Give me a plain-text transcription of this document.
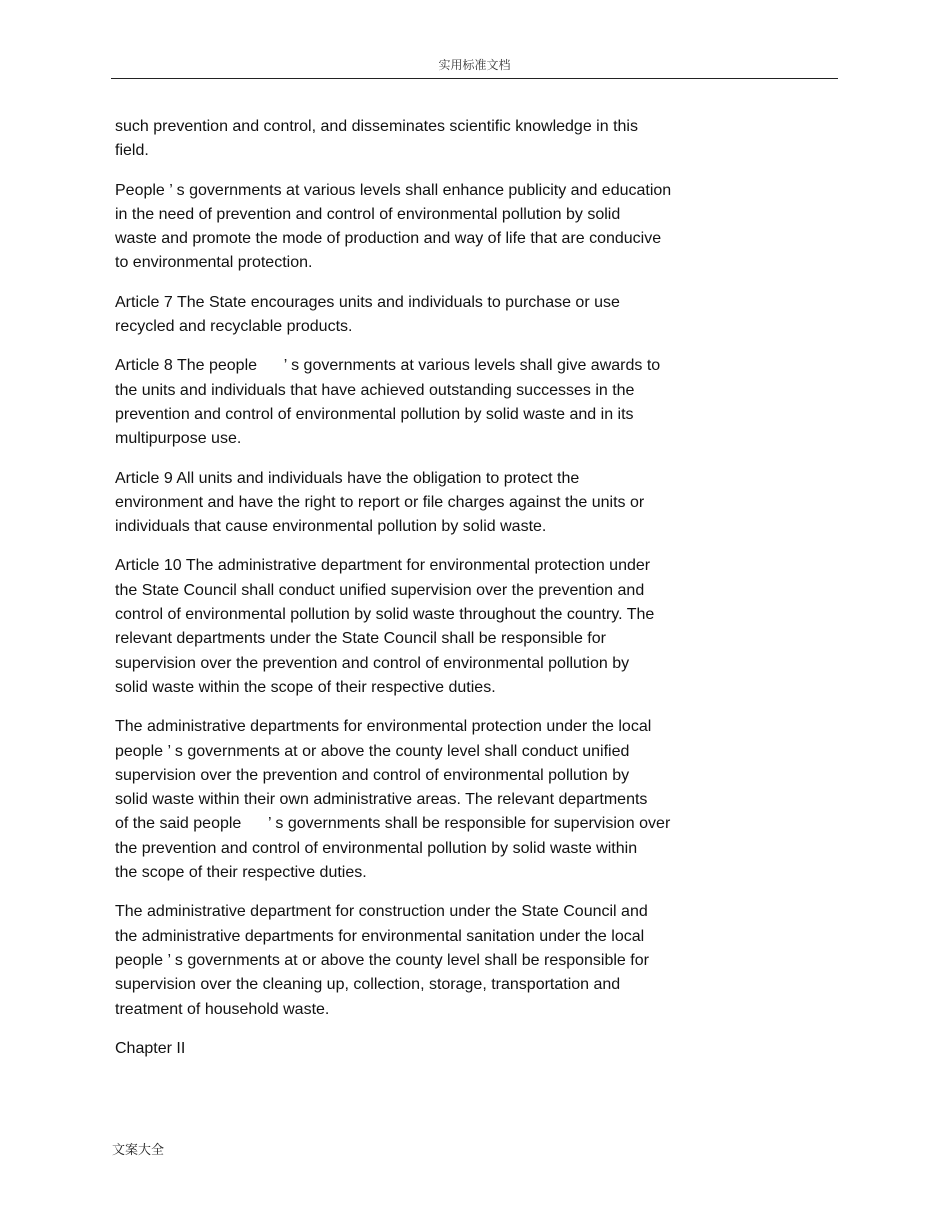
实用标准文档

such prevention and control, and disseminates scientific knowledge in this
field.

People ’ s governments at various levels shall enhance publicity and education
in the need of prevention and control of environmental pollution by solid
waste and promote the mode of production and way of life that are conducive
to environmental protection.

Article 7 The State encourages units and individuals to purchase or use
recycled and recyclable products.

Article 8 The people      ’ s governments at various levels shall give awards to
the units and individuals that have achieved outstanding successes in the
prevention and control of environmental pollution by solid waste and in its
multipurpose use.

Article 9 All units and individuals have the obligation to protect the
environment and have the right to report or file charges against the units or
individuals that cause environmental pollution by solid waste.

Article 10 The administrative department for environmental protection under
the State Council shall conduct unified supervision over the prevention and
control of environmental pollution by solid waste throughout the country. The
relevant departments under the State Council shall be responsible for
supervision over the prevention and control of environmental pollution by
solid waste within the scope of their respective duties.

The administrative departments for environmental protection under the local
people ’ s governments at or above the county level shall conduct unified
supervision over the prevention and control of environmental pollution by
solid waste within their own administrative areas. The relevant departments
of the said people      ’ s governments shall be responsible for supervision over
the prevention and control of environmental pollution by solid waste within
the scope of their respective duties.

The administrative department for construction under the State Council and
the administrative departments for environmental sanitation under the local
people ’ s governments at or above the county level shall be responsible for
supervision over the cleaning up, collection, storage, transportation and
treatment of household waste.

Chapter II

文案大全
